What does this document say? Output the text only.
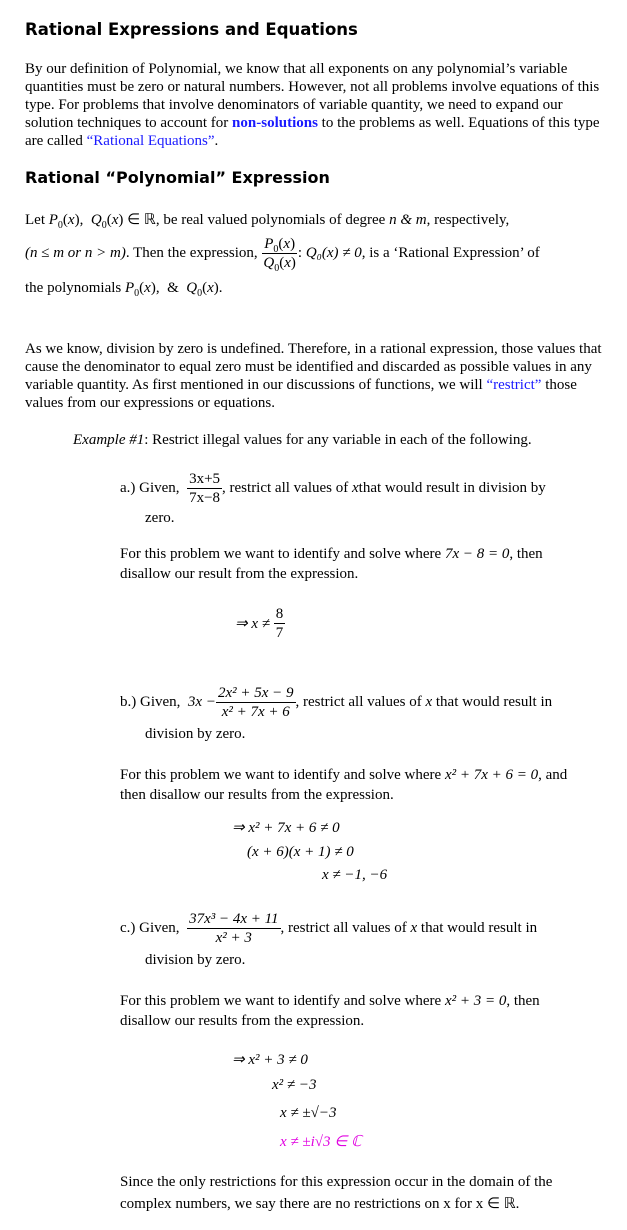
Rational Expressions and Equations

By our definition of Polynomial, we know that all exponents on any polynomial’s variable quantities must be zero or natural numbers. However, not all problems involve equations of this type. For problems that involve denominators of variable quantity, we need to expand our solution techniques to account for non-solutions to the problems as well. Equations of this type are called “Rational Equations”.

Rational “Polynomial” Expression
Let $P_0(x)$,  $Q_0(x)$ ∈ ℝ, be real valued polynomials of degree n & m, respectively,
(n ≤ m or n > m) . Then the expression,
$\frac{P_0(x)}{Q_0(x)}$ : Q₀(x) ≠ 0 , is a ‘Rational Expression’ of
the polynomials $P_0(x)$,  &  $Q_0(x)$.

As we know, division by zero is undefined. Therefore, in a rational expression, those values that cause the denominator to equal zero must be identified and discarded as possible values in any variable quantity. As first mentioned in our discussions of functions, we will “restrict” those values from our expressions or equations.

Example #1: Restrict illegal values for any variable in each of the following.
a.) Given,
$\frac{3x+5}{7x-8}$ , restrict all values of
x that would result in division by
zero.
For this problem we want to identify and solve where 7x − 8 = 0, then
disallow our result from the expression.
⇒ x ≠
$\frac{8}{7}$
b.) Given,
$3x - \frac{\text{2x² + 5x − 9}}{\text{x² + 7x + 6}}$ , restrict all values of
x
that would result in
division by zero.
For this problem we want to identify and solve where x² + 7x + 6 = 0, and
then disallow our results from the expression.
⇒ x² + 7x + 6 ≠ 0
(x + 6)(x + 1) ≠ 0
x ≠ −1, −6
c.) Given,
$\frac{\text{37x³ − 4x + 11}}{\text{x² + 3}}$ , restrict all values of
x
that would result in
division by zero.
For this problem we want to identify and solve where x² + 3 = 0, then
disallow our results from the expression.
⇒ x² + 3 ≠ 0
x² ≠ −3
x ≠ ±√−3
x ≠ ±i√3 ∈ ℂ
Since the only restrictions for this expression occur in the domain of the
complex numbers, we say there are no restrictions on x for x ∈ ℝ.
